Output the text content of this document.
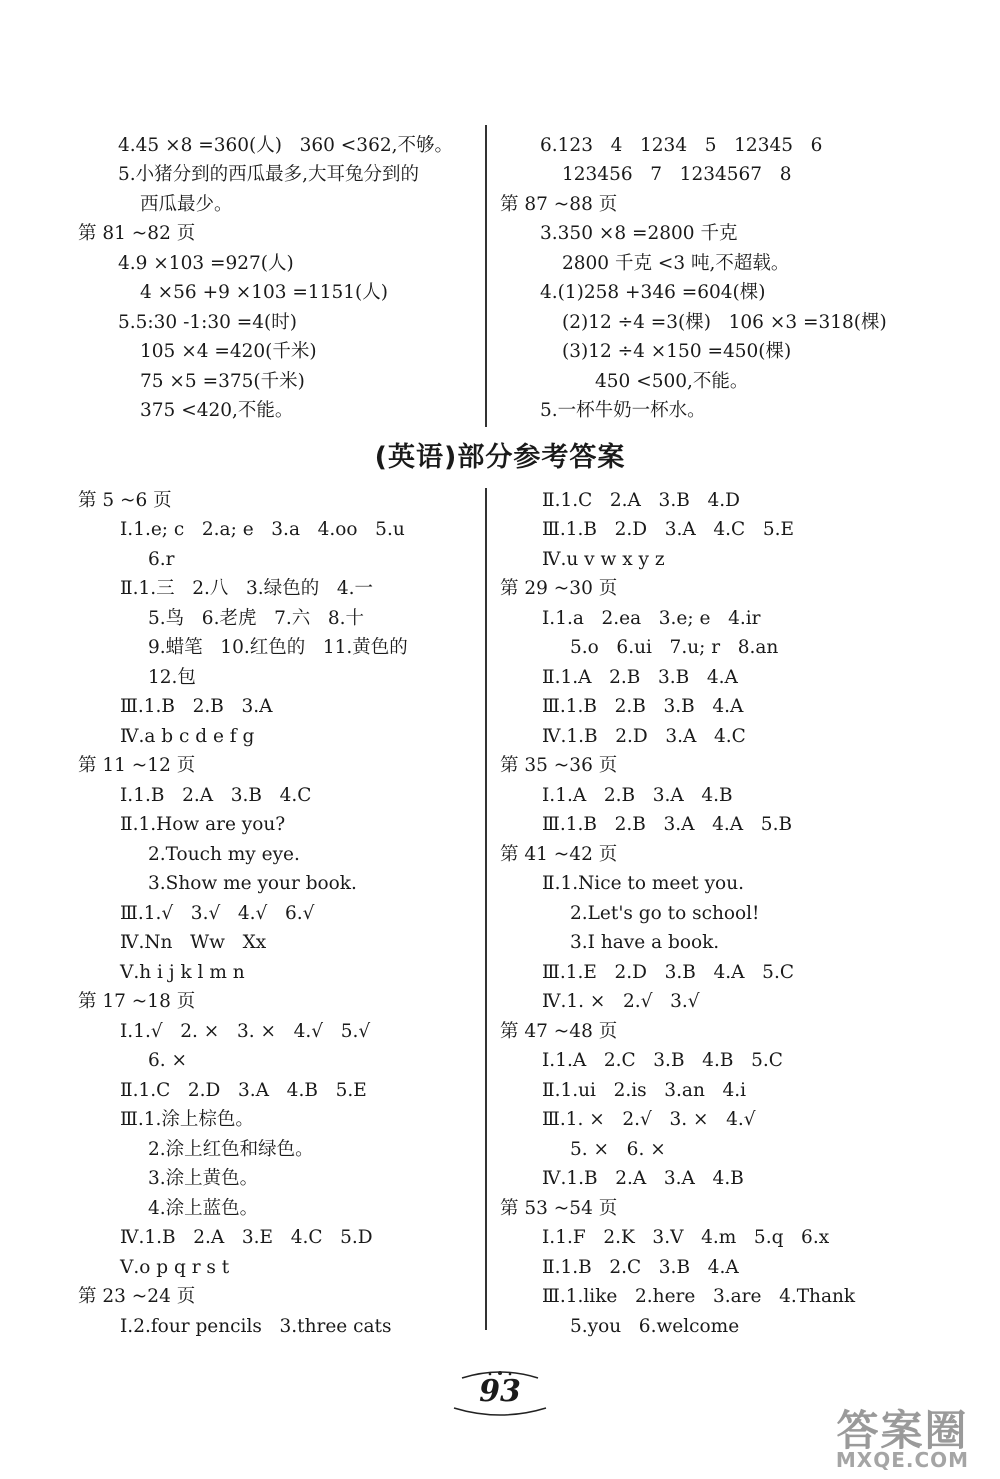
4.45 ×8 =360(人)   360 <362,不够。
5.小猪分到的西瓜最多,大耳兔分到的
西瓜最少。
第 81 ~82 页
4.9 ×103 =927(人)
4 ×56 +9 ×103 =1151(人)
5.5:30 -1:30 =4(时)
105 ×4 =420(千米)
75 ×5 =375(千米)
375 <420,不能。
6.123   4   1234   5   12345   6
123456   7   1234567   8
第 87 ~88 页
3.350 ×8 =2800 千克
2800 千克 <3 吨,不超载。
4.(1)258 +346 =604(棵)
(2)12 ÷4 =3(棵)   106 ×3 =318(棵)
(3)12 ÷4 ×150 =450(棵)
450 <500,不能。
5.一杯牛奶一杯水。
(英语)部分参考答案
第 5 ~6 页
Ⅰ.1.e; c   2.a; e   3.a   4.oo   5.u
6.r
Ⅱ.1.三   2.八   3.绿色的   4.一
5.鸟   6.老虎   7.六   8.十
9.蜡笔   10.红色的   11.黄色的
12.包
Ⅲ.1.B   2.B   3.A
Ⅳ.a b c d e f g
第 11 ~12 页
Ⅰ.1.B   2.A   3.B   4.C
Ⅱ.1.How are you?
2.Touch my eye.
3.Show me your book.
Ⅲ.1.√   3.√   4.√   6.√
Ⅳ.Nn   Ww   Xx
Ⅴ.h i j k l m n
第 17 ~18 页
Ⅰ.1.√   2. ×   3. ×   4.√   5.√
6. ×
Ⅱ.1.C   2.D   3.A   4.B   5.E
Ⅲ.1.涂上棕色。
2.涂上红色和绿色。
3.涂上黄色。
4.涂上蓝色。
Ⅳ.1.B   2.A   3.E   4.C   5.D
Ⅴ.o p q r s t
第 23 ~24 页
Ⅰ.2.four pencils   3.three cats
Ⅱ.1.C   2.A   3.B   4.D
Ⅲ.1.B   2.D   3.A   4.C   5.E
Ⅳ.u v w x y z
第 29 ~30 页
Ⅰ.1.a   2.ea   3.e; e   4.ir
5.o   6.ui   7.u; r   8.an
Ⅱ.1.A   2.B   3.B   4.A
Ⅲ.1.B   2.B   3.B   4.A
Ⅳ.1.B   2.D   3.A   4.C
第 35 ~36 页
Ⅰ.1.A   2.B   3.A   4.B
Ⅲ.1.B   2.B   3.A   4.A   5.B
第 41 ~42 页
Ⅱ.1.Nice to meet you.
2.Let's go to school!
3.I have a book.
Ⅲ.1.E   2.D   3.B   4.A   5.C
Ⅳ.1. ×   2.√   3.√
第 47 ~48 页
Ⅰ.1.A   2.C   3.B   4.B   5.C
Ⅱ.1.ui   2.is   3.an   4.i
Ⅲ.1. ×   2.√   3. ×   4.√
5. ×   6. ×
Ⅳ.1.B   2.A   3.A   4.B
第 53 ~54 页
Ⅰ.1.F   2.K   3.V   4.m   5.q   6.x
Ⅱ.1.B   2.C   3.B   4.A
Ⅲ.1.like   2.here   3.are   4.Thank
5.you   6.welcome
93
答案圈
MXQE.COM
